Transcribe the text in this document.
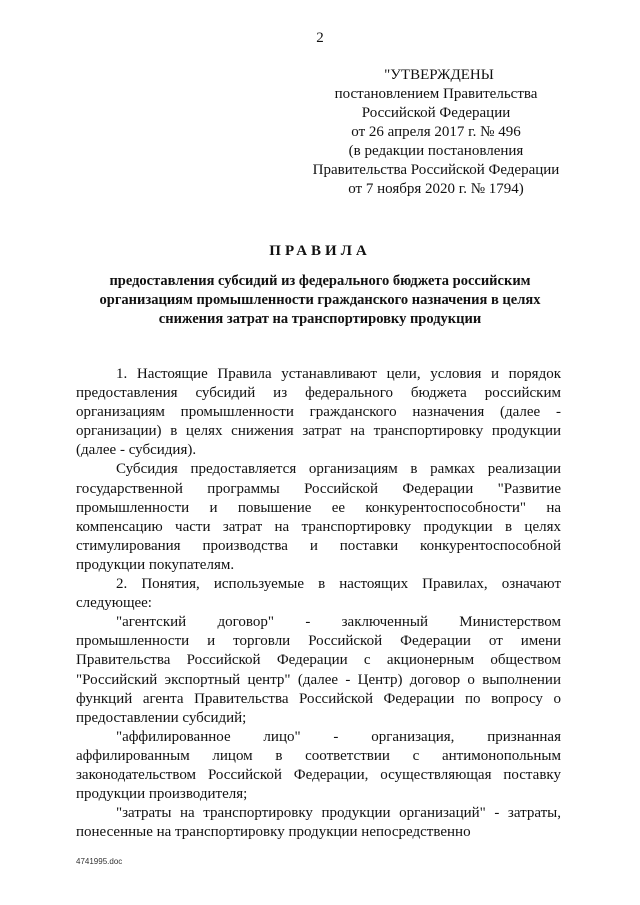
2
"УТВЕРЖДЕНЫ
постановлением Правительства
Российской Федерации
от 26 апреля 2017 г. № 496
(в редакции постановления
Правительства Российской Федерации
от 7 ноября 2020 г. № 1794)
ПРАВИЛА
предоставления субсидий из федерального бюджета российским
организациям промышленности гражданского назначения в целях
снижения затрат на транспортировку продукции

1. Настоящие Правила устанавливают цели, условия и порядок предоставления субсидий из федерального бюджета российским организациям промышленности гражданского назначения (далее - организации) в целях снижения затрат на транспортировку продукции (далее - субсидия).

Субсидия предоставляется организациям в рамках реализации государственной программы Российской Федерации "Развитие промышленности и повышение ее конкурентоспособности" на компенсацию части затрат на транспортировку продукции в целях стимулирования производства и поставки конкурентоспособной продукции покупателям.

2. Понятия, используемые в настоящих Правилах, означают следующее:

"агентский договор" - заключенный Министерством промышленности и торговли Российской Федерации от имени Правительства Российской Федерации с акционерным обществом "Российский экспортный центр" (далее - Центр) договор о выполнении функций агента Правительства Российской Федерации по вопросу о предоставлении субсидий;

"аффилированное лицо" - организация, признанная аффилированным лицом в соответствии с антимонопольным законодательством Российской Федерации, осуществляющая поставку продукции производителя;

"затраты на транспортировку продукции организаций" - затраты, понесенные на транспортировку продукции непосредственно

4741995.doc
